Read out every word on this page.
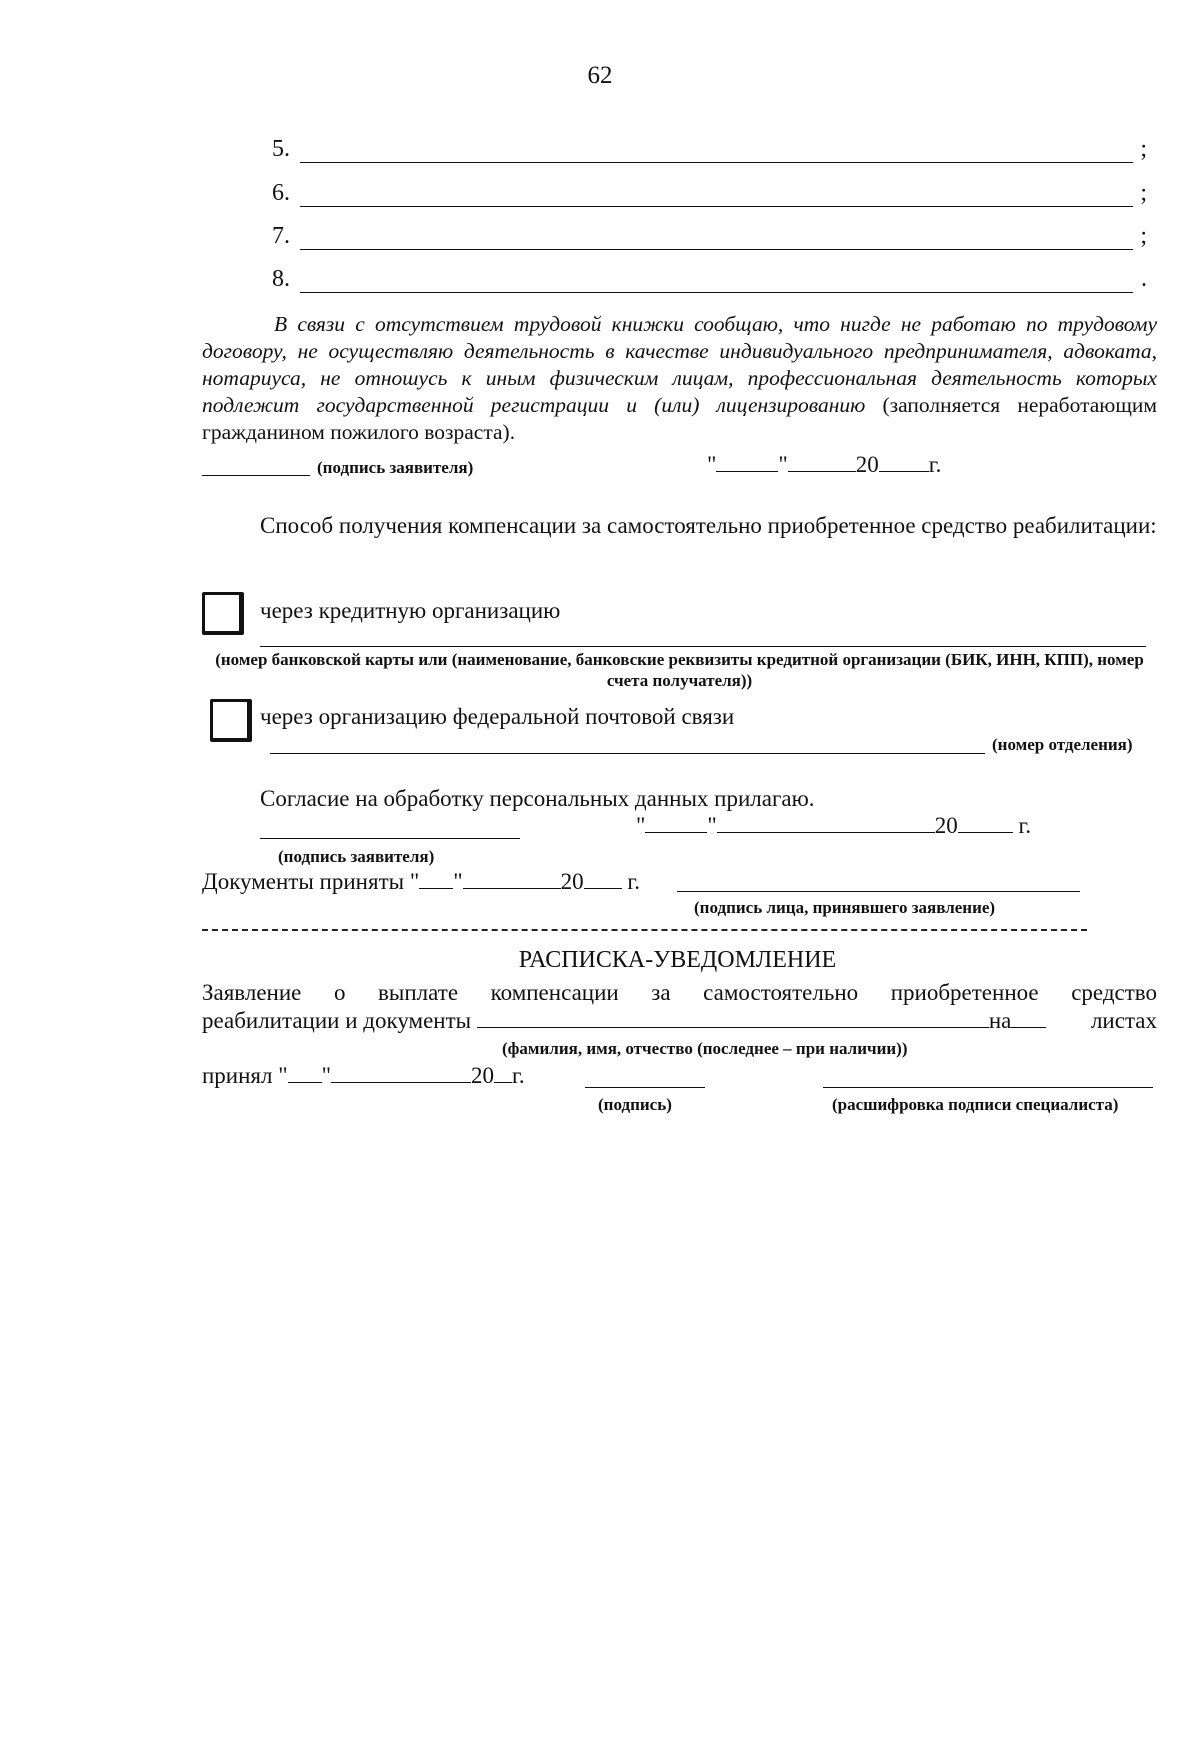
62
5.	;
6.	;
7.	;
8.	.
В связи с отсутствием трудовой книжки сообщаю, что нигде не работаю по трудовому договору, не осуществляю деятельность в качестве индивидуального предпринимателя, адвоката, нотариуса, не отношусь к иным физическим лицам, профессиональная деятельность которых подлежит государственной регистрации и (или) лицензированию (заполняется неработающим гражданином пожилого возраста).
(подпись заявителя)	"	"	20 г.
Способ получения компенсации за самостоятельно приобретенное средство реабилитации:
через кредитную организацию
(номер банковской карты или (наименование, банковские реквизиты кредитной организации (БИК, ИНН, КПП), номер счета получателя))
через организацию федеральной почтовой связи
(номер отделения)
Согласие на обработку персональных данных прилагаю.
"	"	20	г.
(подпись заявителя)
Документы приняты " "	20 г.
(подпись лица, принявшего заявление)
РАСПИСКА-УВЕДОМЛЕНИЕ
Заявление о выплате компенсации за самостоятельно приобретенное средство
реабилитации и документы	на	листах
(фамилия, имя, отчество (последнее – при наличии))
принял " "	20 г.
(подпись)	(расшифровка подписи специалиста)
